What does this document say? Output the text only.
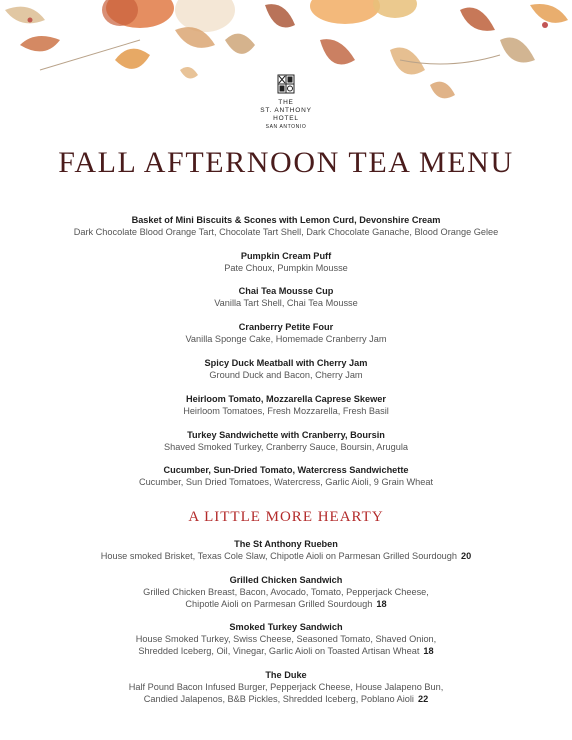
THE
ST. ANTHONY
HOTEL
SAN ANTONIO
FALL AFTERNOON TEA MENU
Basket of Mini Biscuits & Scones with Lemon Curd, Devonshire Cream
Dark Chocolate Blood Orange Tart, Chocolate Tart Shell, Dark Chocolate Ganache, Blood Orange Gelee
Pumpkin Cream Puff
Pate Choux, Pumpkin Mousse
Chai Tea Mousse Cup
Vanilla Tart Shell, Chai Tea Mousse
Cranberry Petite Four
Vanilla Sponge Cake, Homemade Cranberry Jam
Spicy Duck Meatball with Cherry Jam
Ground Duck and Bacon, Cherry Jam
Heirloom Tomato, Mozzarella Caprese Skewer
Heirloom Tomatoes, Fresh Mozzarella, Fresh Basil
Turkey Sandwichette with Cranberry, Boursin
Shaved Smoked Turkey, Cranberry Sauce, Boursin, Arugula
Cucumber, Sun-Dried Tomato, Watercress Sandwichette
Cucumber, Sun Dried Tomatoes, Watercress, Garlic Aioli, 9 Grain Wheat
A LITTLE MORE HEARTY
The St Anthony Rueben
House smoked Brisket, Texas Cole Slaw, Chipotle Aioli on Parmesan Grilled Sourdough 20
Grilled Chicken Sandwich
Grilled Chicken Breast, Bacon, Avocado, Tomato, Pepperjack Cheese,
Chipotle Aioli on Parmesan Grilled Sourdough 18
Smoked Turkey Sandwich
House Smoked Turkey, Swiss Cheese, Seasoned Tomato, Shaved Onion,
Shredded Iceberg, Oil, Vinegar, Garlic Aioli on Toasted Artisan Wheat 18
The Duke
Half Pound Bacon Infused Burger, Pepperjack Cheese, House Jalapeno Bun,
Candied Jalapenos, B&B Pickles, Shredded Iceberg, Poblano Aioli 22
